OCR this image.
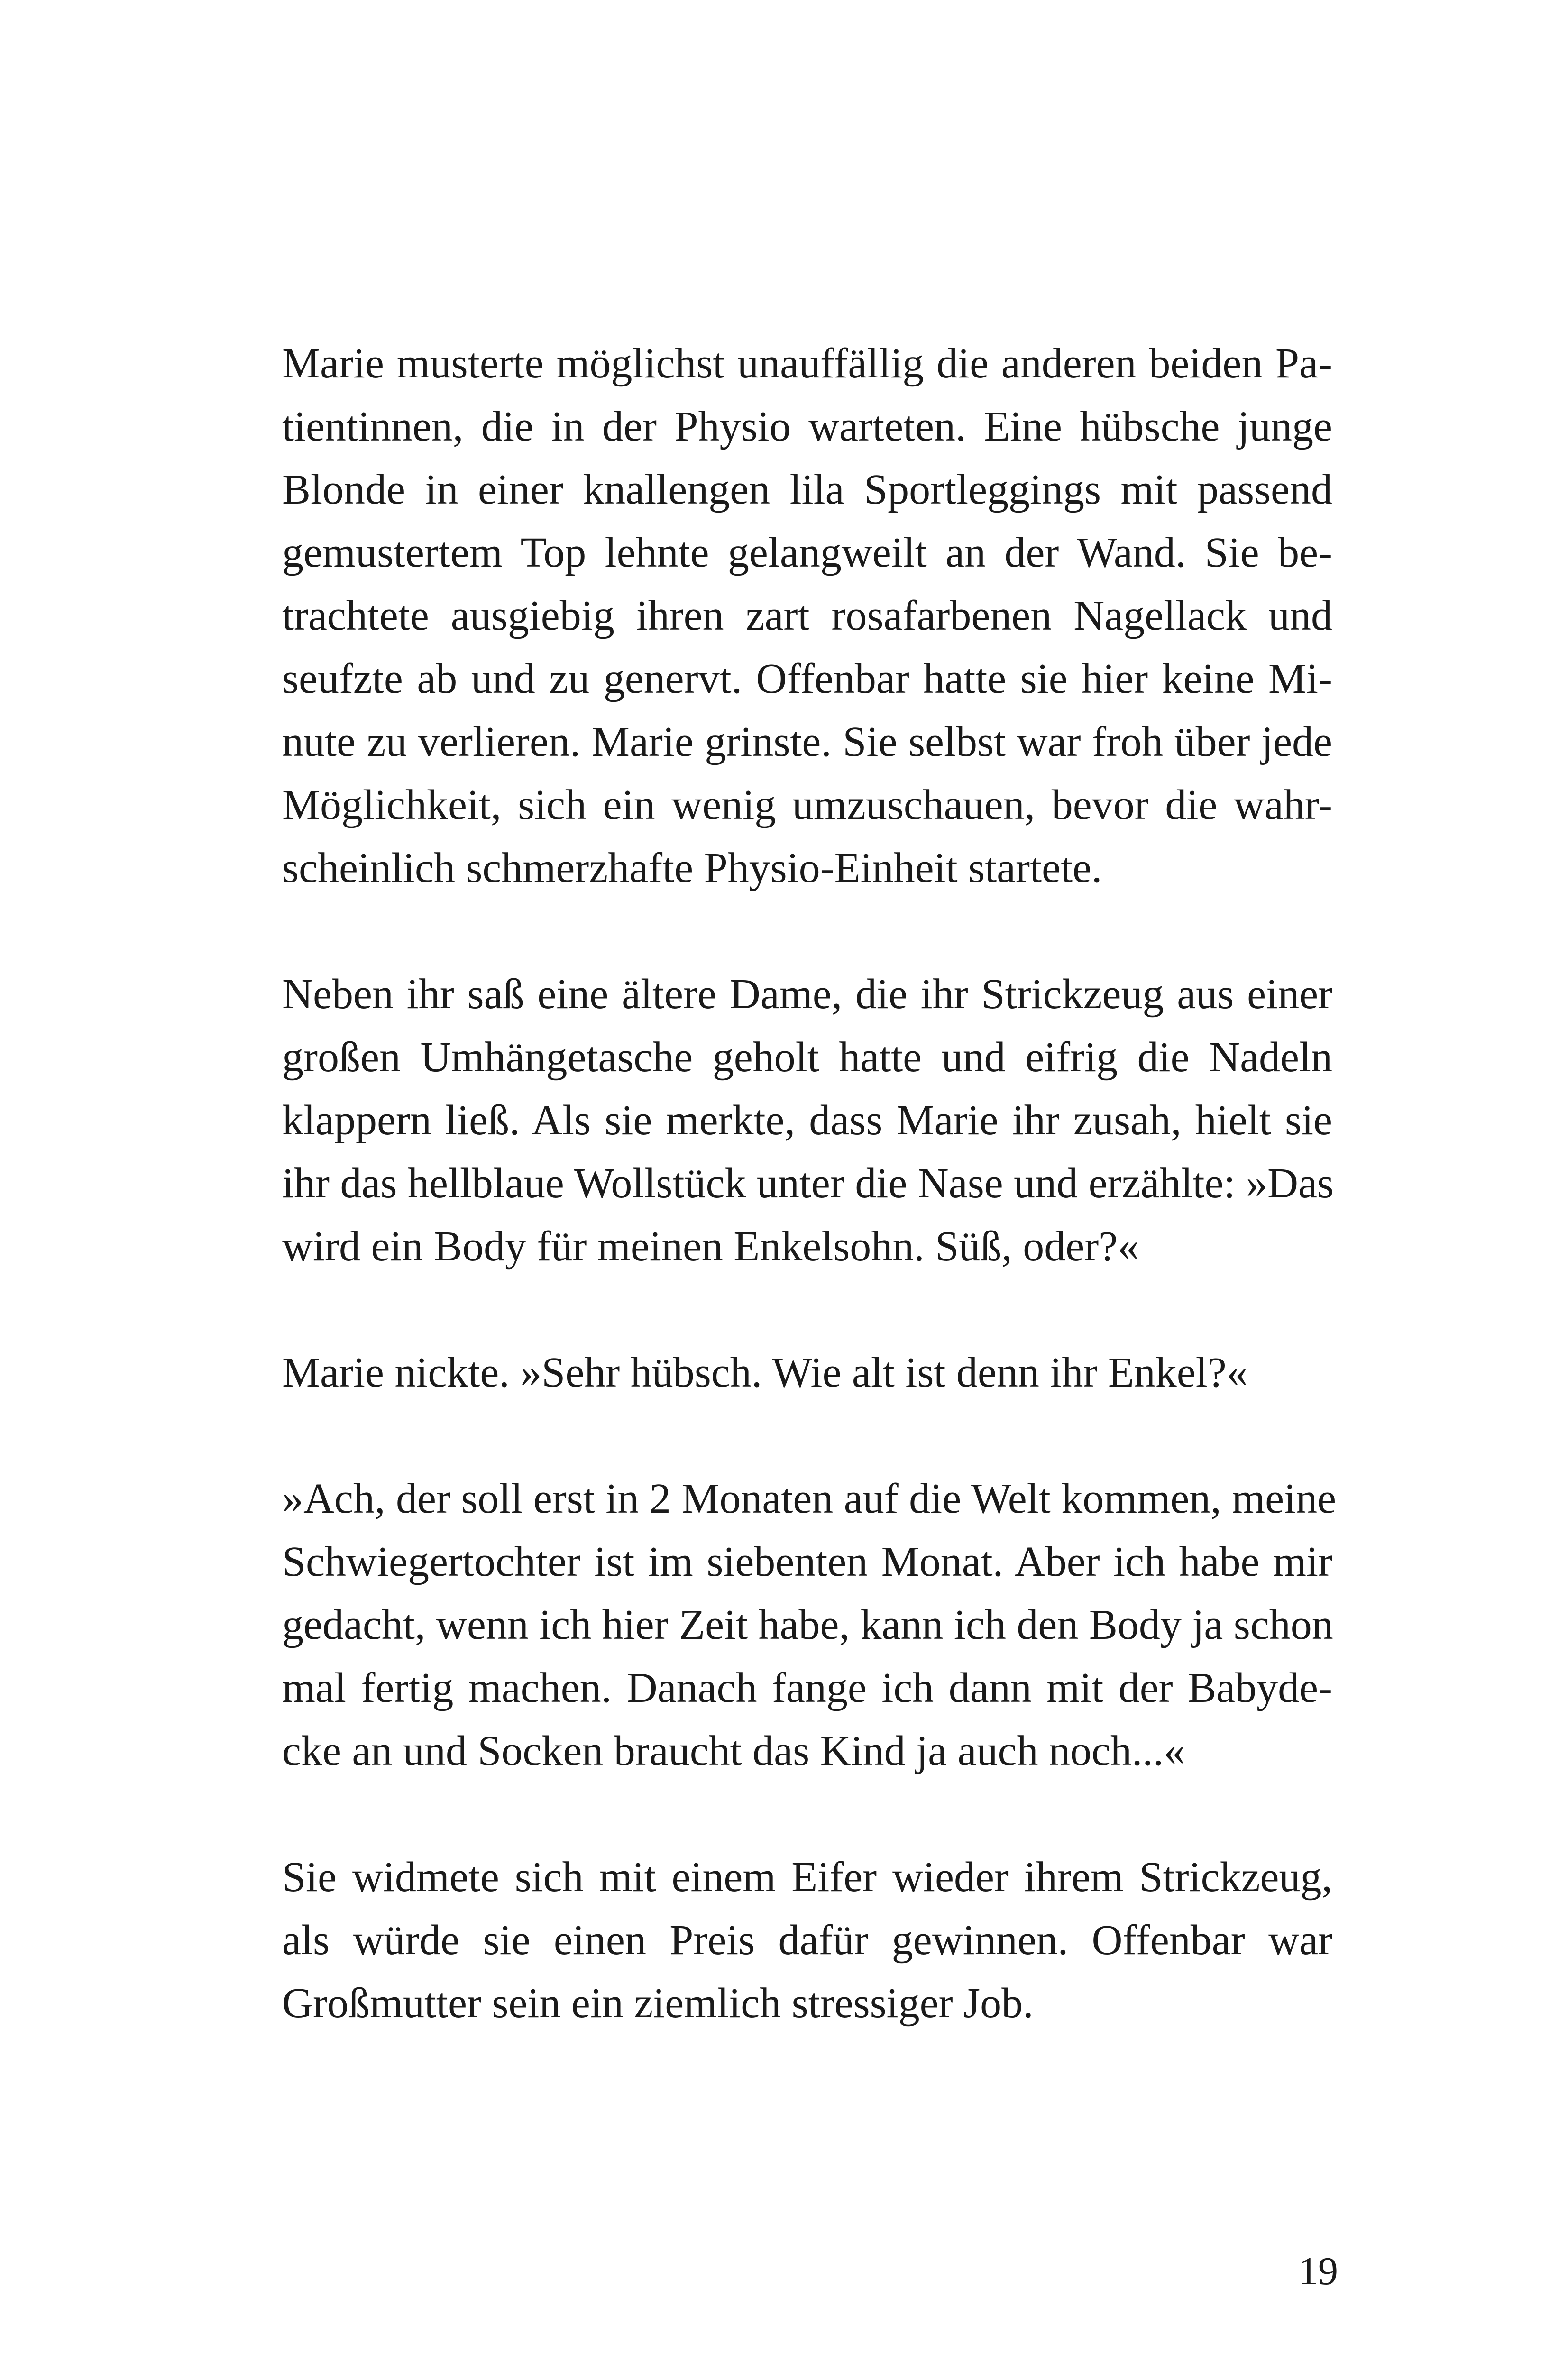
Marie musterte möglichst unauffällig die anderen beiden Pa-
tientinnen, die in der Physio warteten. Eine hübsche junge
Blonde in einer knallengen lila Sportleggings mit passend
gemustertem Top lehnte gelangweilt an der Wand. Sie be-
trachtete ausgiebig ihren zart rosafarbenen Nagellack und
seufzte ab und zu genervt. Offenbar hatte sie hier keine Mi-
nute zu verlieren. Marie grinste. Sie selbst war froh über jede
Möglichkeit, sich ein wenig umzuschauen, bevor die wahr-
scheinlich schmerzhafte Physio-Einheit startete.
Neben ihr saß eine ältere Dame, die ihr Strickzeug aus einer
großen Umhängetasche geholt hatte und eifrig die Nadeln
klappern ließ. Als sie merkte, dass Marie ihr zusah, hielt sie
ihr das hellblaue Wollstück unter die Nase und erzählte: »Das
wird ein Body für meinen Enkelsohn. Süß, oder?«
Marie nickte. »Sehr hübsch. Wie alt ist denn ihr Enkel?«
»Ach, der soll erst in 2 Monaten auf die Welt kommen, meine
Schwiegertochter ist im siebenten Monat. Aber ich habe mir
gedacht, wenn ich hier Zeit habe, kann ich den Body ja schon
mal fertig machen. Danach fange ich dann mit der Babyde-
cke an und Socken braucht das Kind ja auch noch...«
Sie widmete sich mit einem Eifer wieder ihrem Strickzeug,
als würde sie einen Preis dafür gewinnen. Offenbar war
Großmutter sein ein ziemlich stressiger Job.
19
